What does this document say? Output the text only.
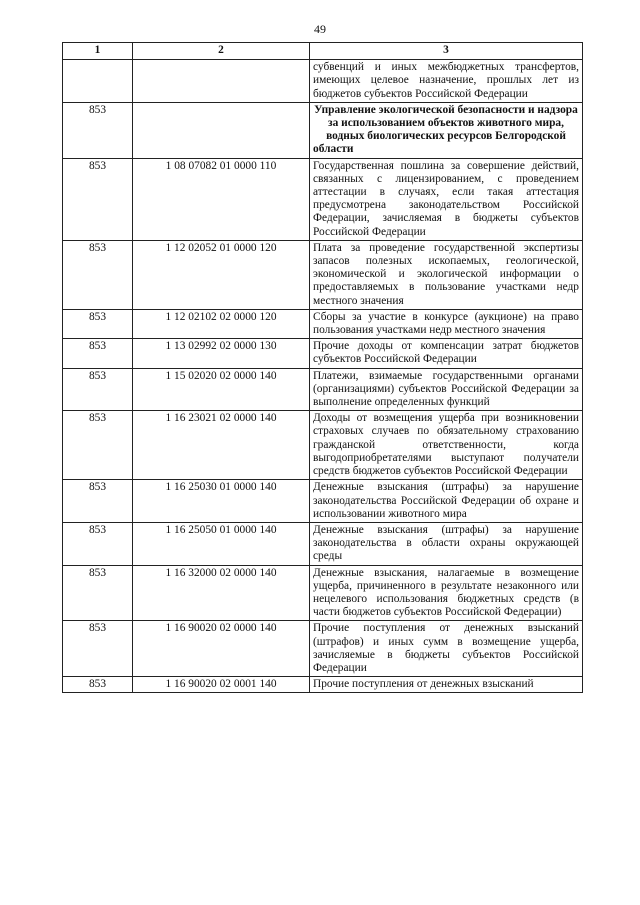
49
1	2	3
		субвенций и иных межбюджетных трансфертов, имеющих целевое назначение, прошлых лет из бюджетов субъектов Российской Федерации
853		Управление экологической безопасности и надзора за использованием объектов животного мира, водных биологических ресурсов Белгородской области
853	1 08 07082 01 0000 110	Государственная пошлина за совершение действий, связанных с лицензированием, с проведением аттестации в случаях, если такая аттестация предусмотрена законодательством Российской Федерации, зачисляемая в бюджеты субъектов Российской Федерации
853	1 12 02052 01 0000 120	Плата за проведение государственной экспертизы запасов полезных ископаемых, геологической, экономической и экологической информации о предоставляемых в пользование участками недр местного значения
853	1 12 02102 02 0000 120	Сборы за участие в конкурсе (аукционе) на право пользования участками недр местного значения
853	1 13 02992 02 0000 130	Прочие доходы от компенсации затрат бюджетов субъектов Российской Федерации
853	1 15 02020 02 0000 140	Платежи, взимаемые государственными органами (организациями) субъектов Российской Федерации за выполнение определенных функций
853	1 16 23021 02 0000 140	Доходы от возмещения ущерба при возникновении страховых случаев по обязательному страхованию гражданской ответственности, когда выгодоприобретателями выступают получатели средств бюджетов субъектов Российской Федерации
853	1 16 25030 01 0000 140	Денежные взыскания (штрафы) за нарушение законодательства Российской Федерации об охране и использовании животного мира
853	1 16 25050 01 0000 140	Денежные взыскания (штрафы) за нарушение законодательства в области охраны окружающей среды
853	1 16 32000 02 0000 140	Денежные взыскания, налагаемые в возмещение ущерба, причиненного в результате незаконного или нецелевого использования бюджетных средств (в части бюджетов субъектов Российской Федерации)
853	1 16 90020 02 0000 140	Прочие поступления от денежных взысканий (штрафов) и иных сумм в возмещение ущерба, зачисляемые в бюджеты субъектов Российской Федерации
853	1 16 90020 02 0001 140	Прочие поступления от денежных взысканий
